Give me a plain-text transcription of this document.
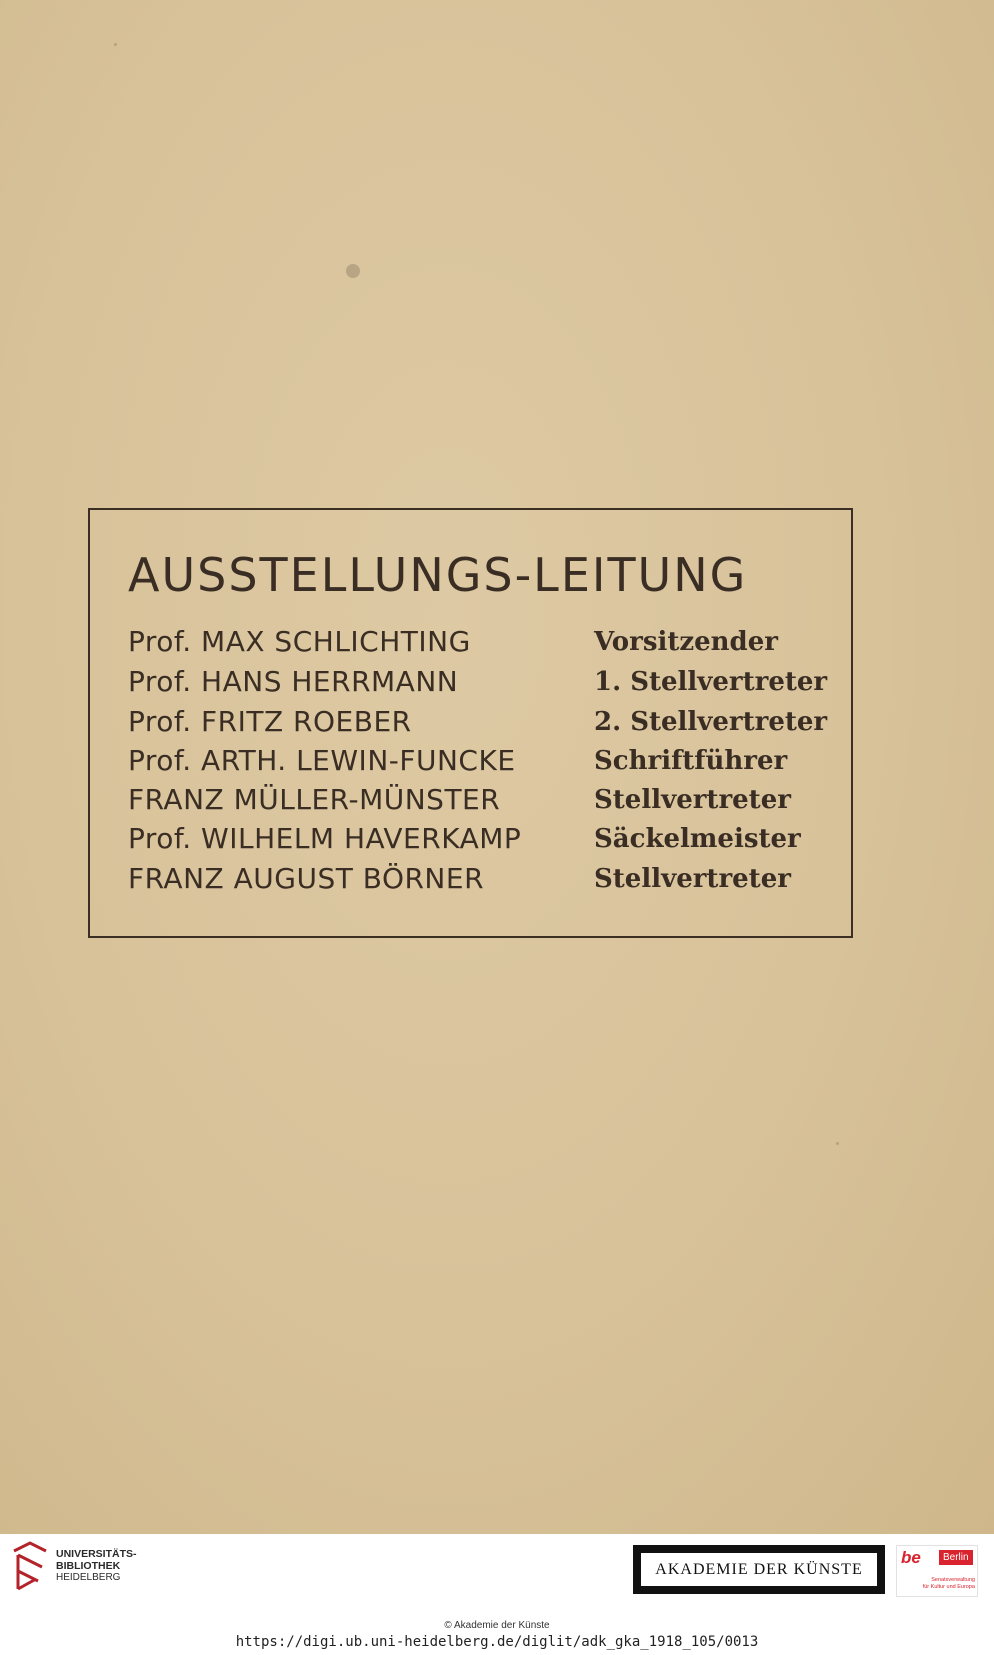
AUSSTELLUNGS-LEITUNG
Prof. MAX SCHLICHTING	Vorsitzender
Prof. HANS HERRMANN	1. Stellvertreter
Prof. FRITZ ROEBER	2. Stellvertreter
Prof. ARTH. LEWIN-FUNCKE	Schriftführer
FRANZ MÜLLER-MÜNSTER	Stellvertreter
Prof. WILHELM HAVERKAMP	Säckelmeister
FRANZ AUGUST BÖRNER	Stellvertreter
UNIVERSITÄTS-
BIBLIOTHEK
HEIDELBERG	AKADEMIE DER KÜNSTE
be	Berlin
Senatsverwaltung
für Kultur und Europa
© Akademie der Künste
https://digi.ub.uni-heidelberg.de/diglit/adk_gka_1918_105/0013
